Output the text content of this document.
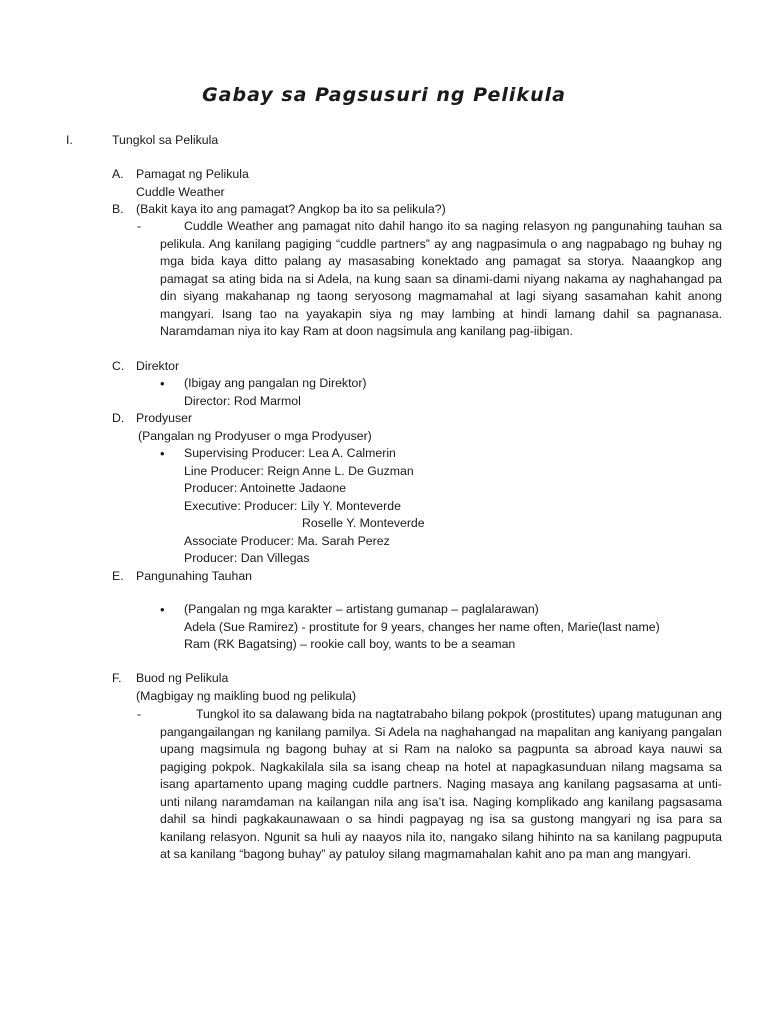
Gabay sa Pagsusuri ng Pelikula
I.	Tungkol sa Pelikula
A. Pamagat ng Pelikula
Cuddle Weather
B. (Bakit kaya ito ang pamagat? Angkop ba ito sa pelikula?)
-	Cuddle Weather ang pamagat nito dahil hango ito sa naging relasyon ng pangunahing tauhan sa pelikula. Ang kanilang pagiging “cuddle partners” ay ang nagpasimula o ang nagpabago ng buhay ng mga bida kaya ditto palang ay masasabing konektado ang pamagat sa storya. Naaangkop ang pamagat sa ating bida na si Adela, na kung saan sa dinami-dami niyang nakama ay naghahangad pa din siyang makahanap ng taong seryosong magmamahal at lagi siyang sasamahan kahit anong mangyari. Isang tao na yayakapin siya ng may lambing at hindi lamang dahil sa pagnanasa. Naramdaman niya ito kay Ram at doon nagsimula ang kanilang pag-iibigan.
C. Direktor
• (Ibigay ang pangalan ng Direktor)
Director: Rod Marmol
D. Prodyuser
(Pangalan ng Prodyuser o mga Prodyuser)
• Supervising Producer: Lea A. Calmerin
Line Producer: Reign Anne L. De Guzman
Producer: Antoinette Jadaone
Executive: Producer: Lily Y. Monteverde
Roselle Y. Monteverde
Associate Producer: Ma. Sarah Perez
Producer: Dan Villegas
E. Pangunahing Tauhan
• (Pangalan ng mga karakter – artistang gumanap – paglalarawan)
Adela (Sue Ramirez) - prostitute for 9 years, changes her name often, Marie(last name)
Ram (RK Bagatsing) – rookie call boy, wants to be a seaman
F. Buod ng Pelikula
(Magbigay ng maikling buod ng pelikula)
-	Tungkol ito sa dalawang bida na nagtatrabaho bilang pokpok (prostitutes) upang matugunan ang pangangailangan ng kanilang pamilya. Si Adela na naghahangad na mapalitan ang kaniyang pangalan upang magsimula ng bagong buhay at si Ram na naloko sa pagpunta sa abroad kaya nauwi sa pagiging pokpok. Nagkakilala sila sa isang cheap na hotel at napagkasunduan nilang magsama sa isang apartamento upang maging cuddle partners. Naging masaya ang kanilang pagsasama at unti-unti nilang naramdaman na kailangan nila ang isa’t isa. Naging komplikado ang kanilang pagsasama dahil sa hindi pagkakaunawaan o sa hindi pagpayag ng isa sa gustong mangyari ng isa para sa kanilang relasyon. Ngunit sa huli ay naayos nila ito, nangako silang hihinto na sa kanilang pagpuputa at sa kanilang “bagong buhay” ay patuloy silang magmamahalan kahit ano pa man ang mangyari.
